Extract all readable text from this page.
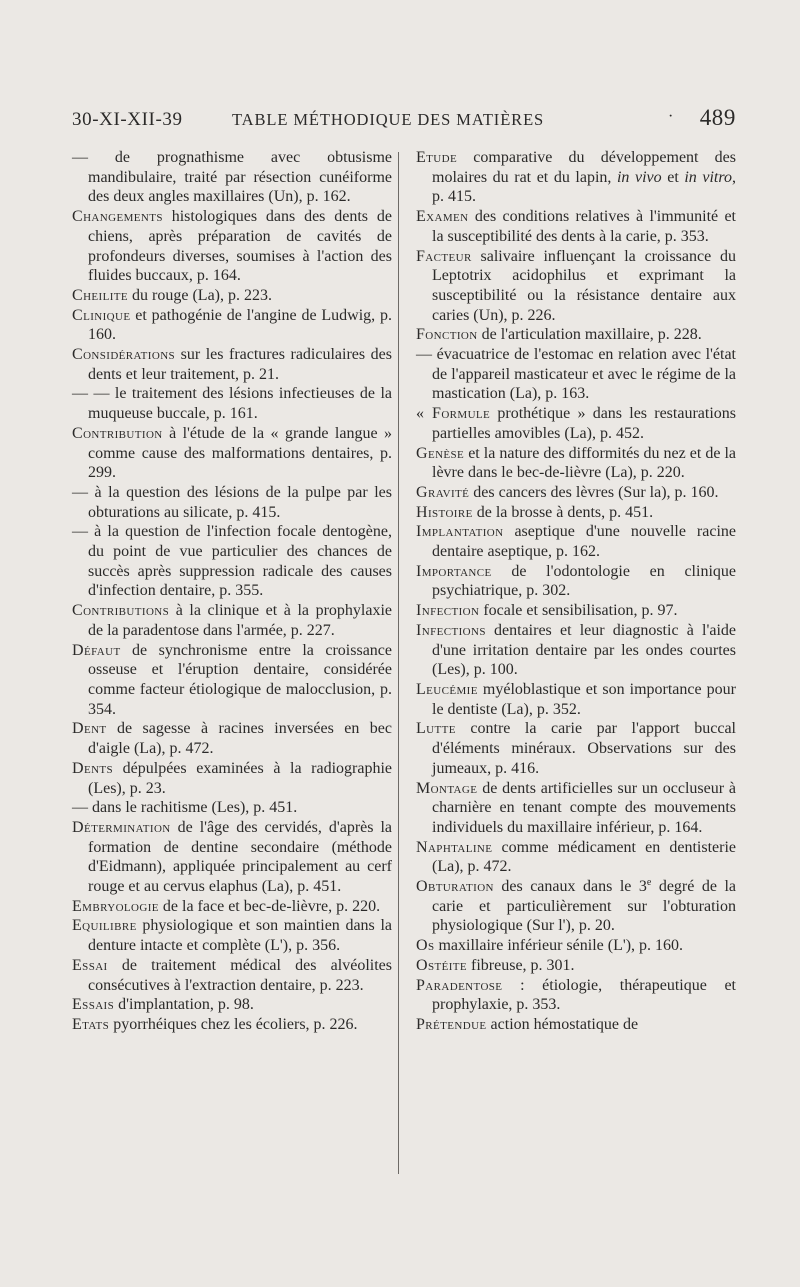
30-XI-XII-39	TABLE MÉTHODIQUE DES MATIÈRES	· 489

— de prognathisme avec obtusisme mandibulaire, traité par résection cunéiforme des deux angles maxillaires (Un), p. 162.

Changements histologiques dans des dents de chiens, après préparation de cavités de profondeurs diverses, soumises à l'action des fluides buccaux, p. 164.

Cheilite du rouge (La), p. 223.

Clinique et pathogénie de l'angine de Ludwig, p. 160.

Considérations sur les fractures radiculaires des dents et leur traitement, p. 21.

— — le traitement des lésions infectieuses de la muqueuse buccale, p. 161.

Contribution à l'étude de la « grande langue » comme cause des malformations dentaires, p. 299.

— à la question des lésions de la pulpe par les obturations au silicate, p. 415.

— à la question de l'infection focale dentogène, du point de vue particulier des chances de succès après suppression radicale des causes d'infection dentaire, p. 355.

Contributions à la clinique et à la prophylaxie de la paradentose dans l'armée, p. 227.

Défaut de synchronisme entre la croissance osseuse et l'éruption dentaire, considérée comme facteur étiologique de malocclusion, p. 354.

Dent de sagesse à racines inversées en bec d'aigle (La), p. 472.

Dents dépulpées examinées à la radiographie (Les), p. 23.

— dans le rachitisme (Les), p. 451.

Détermination de l'âge des cervidés, d'après la formation de dentine secondaire (méthode d'Eidmann), appliquée principalement au cerf rouge et au cervus elaphus (La), p. 451.

Embryologie de la face et bec-de-lièvre, p. 220.

Equilibre physiologique et son maintien dans la denture intacte et complète (L'), p. 356.

Essai de traitement médical des alvéolites consécutives à l'extraction dentaire, p. 223.

Essais d'implantation, p. 98.

Etats pyorrhéiques chez les écoliers, p. 226.

Etude comparative du développement des molaires du rat et du lapin, in vivo et in vitro, p. 415.

Examen des conditions relatives à l'immunité et la susceptibilité des dents à la carie, p. 353.

Facteur salivaire influençant la croissance du Leptotrix acidophilus et exprimant la susceptibilité ou la résistance dentaire aux caries (Un), p. 226.

Fonction de l'articulation maxillaire, p. 228.

— évacuatrice de l'estomac en relation avec l'état de l'appareil masticateur et avec le régime de la mastication (La), p. 163.

« Formule prothétique » dans les restaurations partielles amovibles (La), p. 452.

Genèse et la nature des difformités du nez et de la lèvre dans le bec-de-lièvre (La), p. 220.

Gravité des cancers des lèvres (Sur la), p. 160.

Histoire de la brosse à dents, p. 451.

Implantation aseptique d'une nouvelle racine dentaire aseptique, p. 162.

Importance de l'odontologie en clinique psychiatrique, p. 302.

Infection focale et sensibilisation, p. 97.

Infections dentaires et leur diagnostic à l'aide d'une irritation dentaire par les ondes courtes (Les), p. 100.

Leucémie myéloblastique et son importance pour le dentiste (La), p. 352.

Lutte contre la carie par l'apport buccal d'éléments minéraux. Observations sur des jumeaux, p. 416.

Montage de dents artificielles sur un occluseur à charnière en tenant compte des mouvements individuels du maxillaire inférieur, p. 164.

Naphtaline comme médicament en dentisterie (La), p. 472.

Obturation des canaux dans le 3e degré de la carie et particulièrement sur l'obturation physiologique (Sur l'), p. 20.

Os maxillaire inférieur sénile (L'), p. 160.

Ostéite fibreuse, p. 301.

Paradentose : étiologie, thérapeutique et prophylaxie, p. 353.

Prétendue action hémostatique de
